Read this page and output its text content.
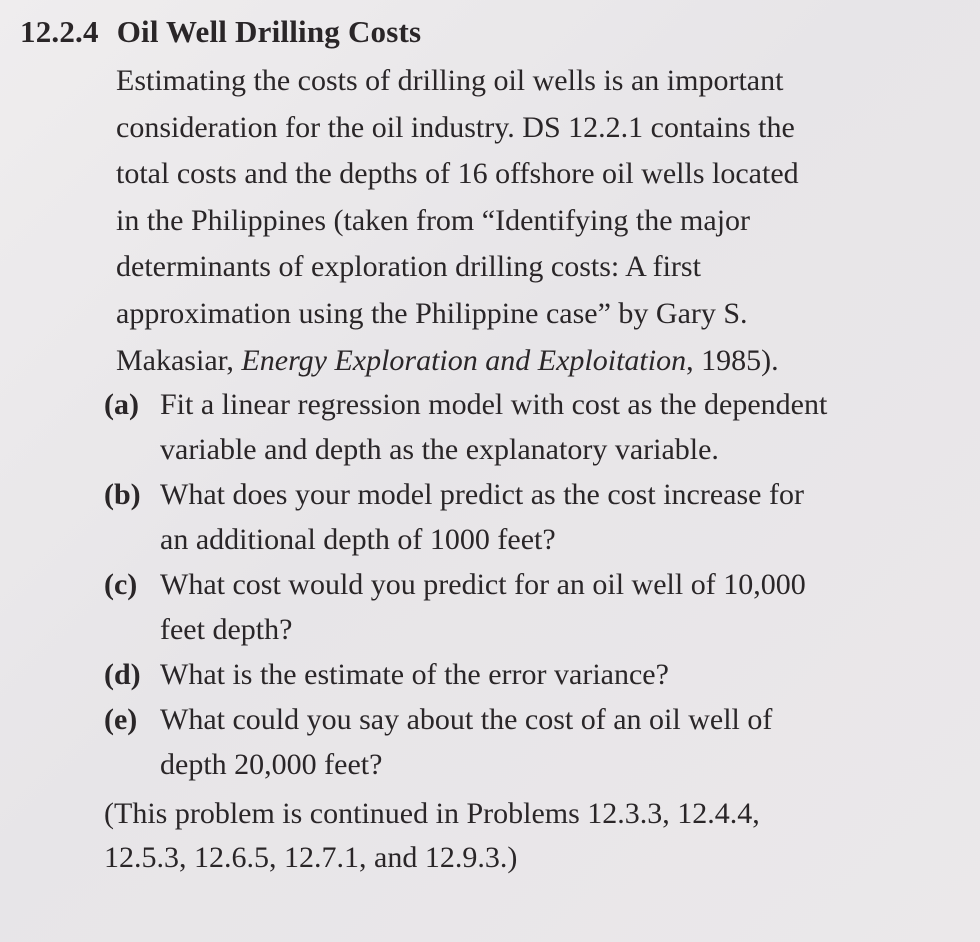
12.2.4 Oil Well Drilling Costs
Estimating the costs of drilling oil wells is an important
consideration for the oil industry. DS 12.2.1 contains the
total costs and the depths of 16 offshore oil wells located
in the Philippines (taken from “Identifying the major
determinants of exploration drilling costs: A first
approximation using the Philippine case” by Gary S.
Makasiar, Energy Exploration and Exploitation, 1985).
(a) Fit a linear regression model with cost as the dependent
variable and depth as the explanatory variable.
(b) What does your model predict as the cost increase for
an additional depth of 1000 feet?
(c) What cost would you predict for an oil well of 10,000
feet depth?
(d) What is the estimate of the error variance?
(e) What could you say about the cost of an oil well of
depth 20,000 feet?
(This problem is continued in Problems 12.3.3, 12.4.4,
12.5.3, 12.6.5, 12.7.1, and 12.9.3.)
